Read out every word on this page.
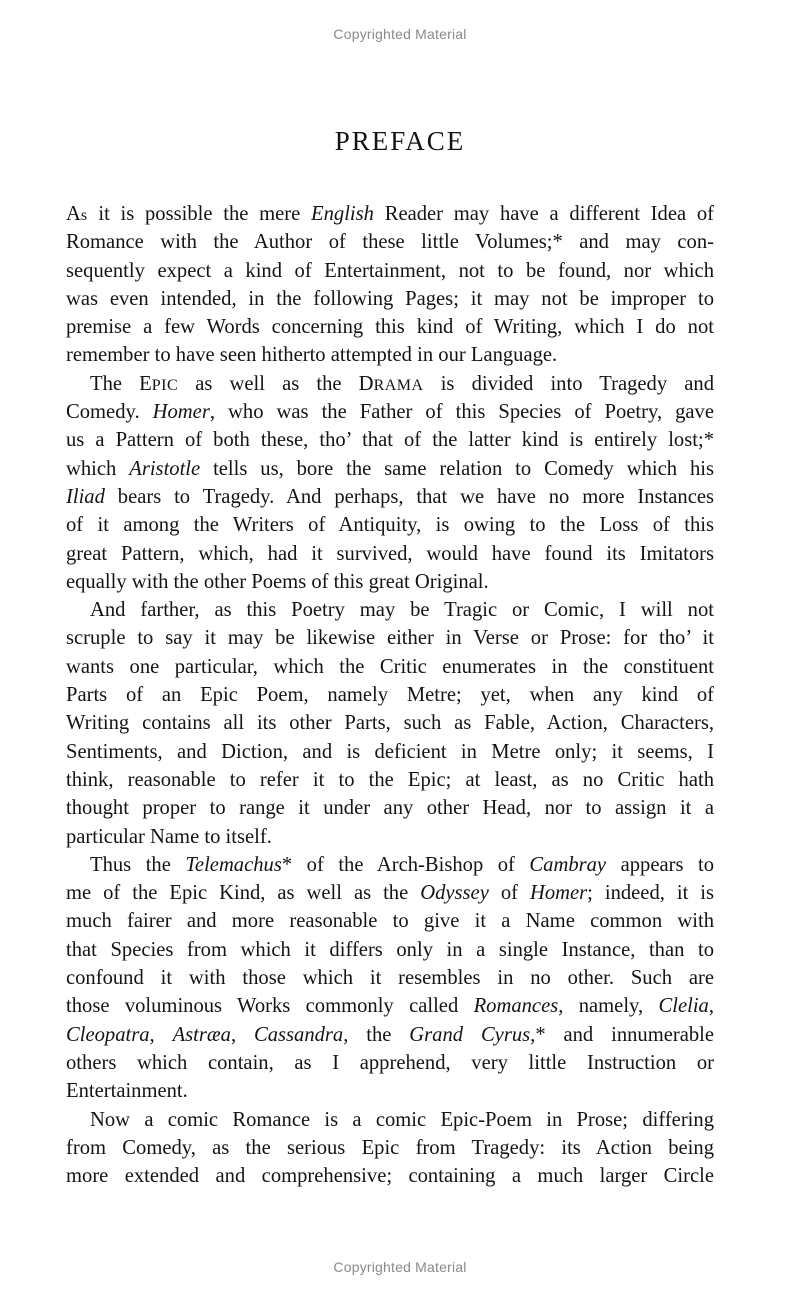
Copyrighted Material
PREFACE
As it is possible the mere English Reader may have a different Idea of
Romance with the Author of these little Volumes;* and may con-
sequently expect a kind of Entertainment, not to be found, nor which
was even intended, in the following Pages; it may not be improper to
premise a few Words concerning this kind of Writing, which I do not
remember to have seen hitherto attempted in our Language.
The EPIC as well as the DRAMA is divided into Tragedy and
Comedy. Homer, who was the Father of this Species of Poetry, gave
us a Pattern of both these, tho’ that of the latter kind is entirely lost;*
which Aristotle tells us, bore the same relation to Comedy which his
Iliad bears to Tragedy. And perhaps, that we have no more Instances
of it among the Writers of Antiquity, is owing to the Loss of this
great Pattern, which, had it survived, would have found its Imitators
equally with the other Poems of this great Original.
And farther, as this Poetry may be Tragic or Comic, I will not
scruple to say it may be likewise either in Verse or Prose: for tho’ it
wants one particular, which the Critic enumerates in the constituent
Parts of an Epic Poem, namely Metre; yet, when any kind of
Writing contains all its other Parts, such as Fable, Action, Characters,
Sentiments, and Diction, and is deficient in Metre only; it seems, I
think, reasonable to refer it to the Epic; at least, as no Critic hath
thought proper to range it under any other Head, nor to assign it a
particular Name to itself.
Thus the Telemachus* of the Arch-Bishop of Cambray appears to
me of the Epic Kind, as well as the Odyssey of Homer; indeed, it is
much fairer and more reasonable to give it a Name common with
that Species from which it differs only in a single Instance, than to
confound it with those which it resembles in no other. Such are
those voluminous Works commonly called Romances, namely, Clelia,
Cleopatra, Astræa, Cassandra, the Grand Cyrus,* and innumerable
others which contain, as I apprehend, very little Instruction or
Entertainment.
Now a comic Romance is a comic Epic-Poem in Prose; differing
from Comedy, as the serious Epic from Tragedy: its Action being
more extended and comprehensive; containing a much larger Circle
Copyrighted Material
